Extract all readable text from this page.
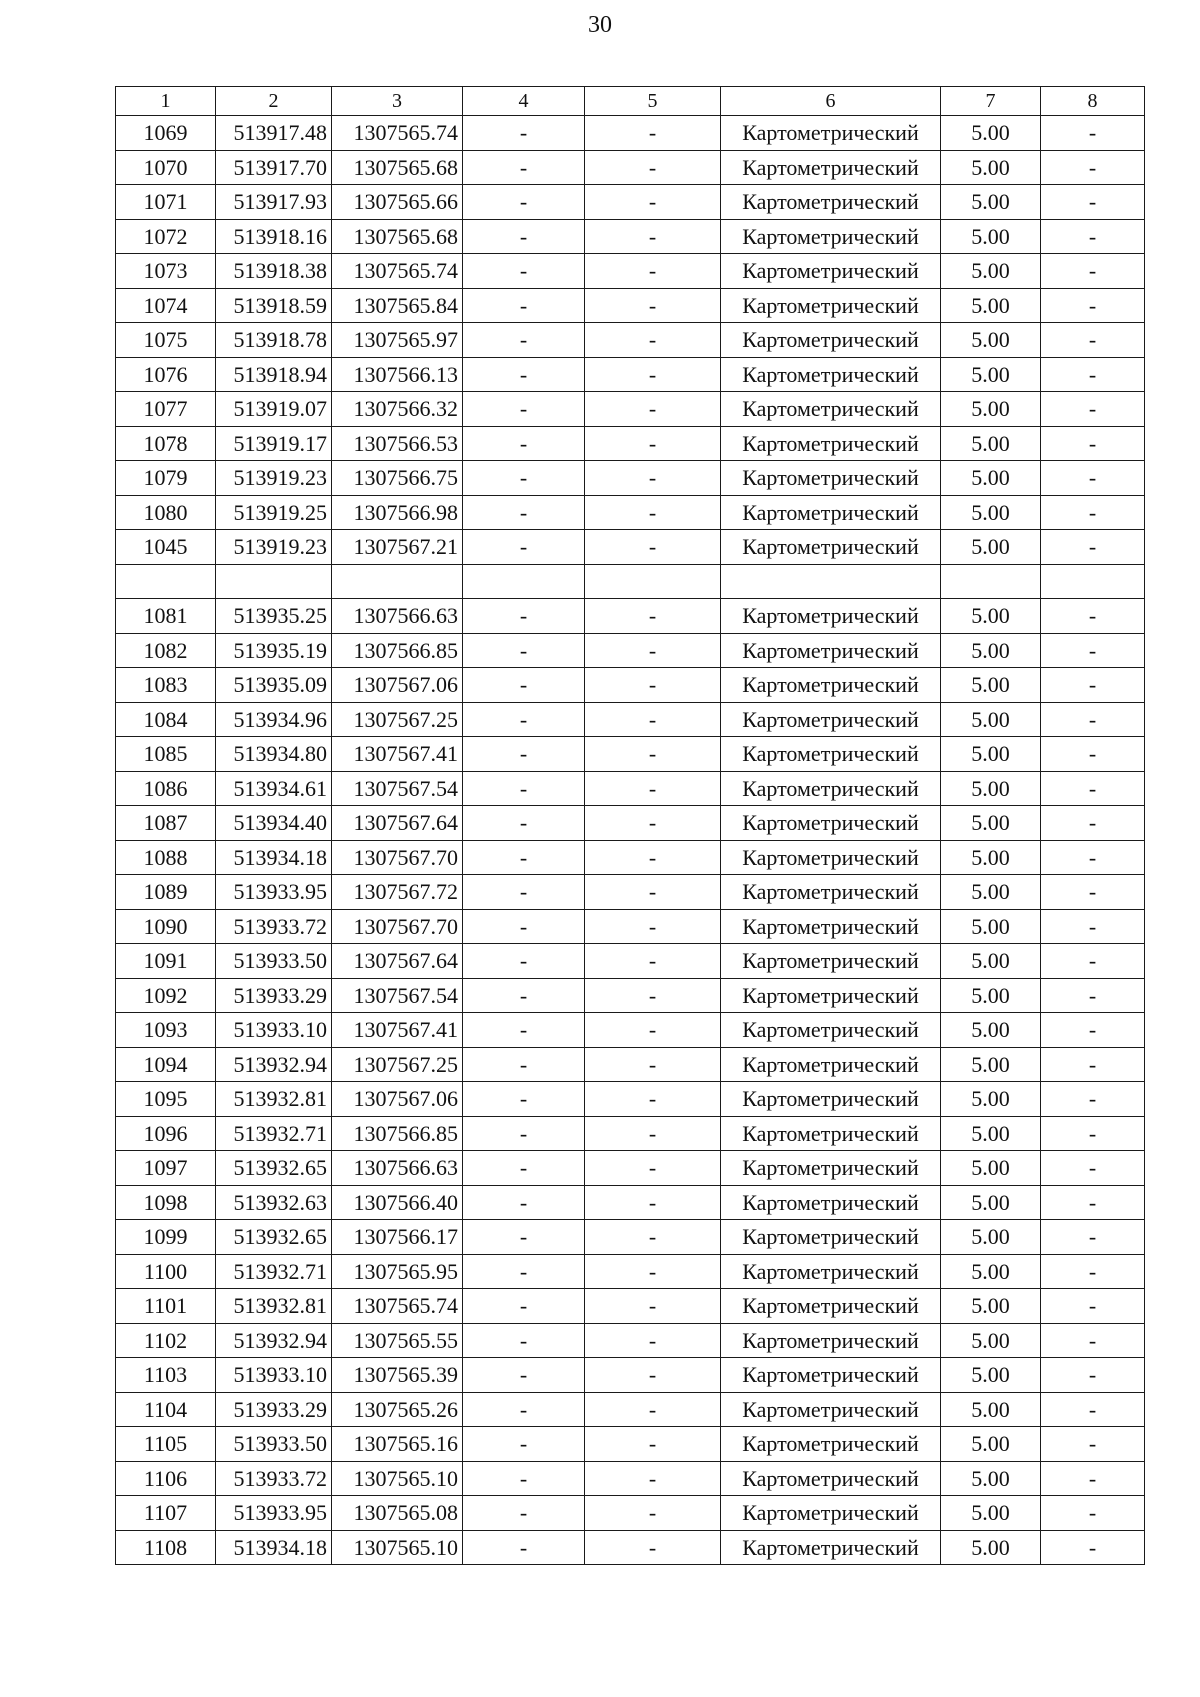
30
1	2	3	4	5	6	7	8
1069	513917.48	1307565.74	-	-	Картометрический	5.00	-
1070	513917.70	1307565.68	-	-	Картометрический	5.00	-
1071	513917.93	1307565.66	-	-	Картометрический	5.00	-
1072	513918.16	1307565.68	-	-	Картометрический	5.00	-
1073	513918.38	1307565.74	-	-	Картометрический	5.00	-
1074	513918.59	1307565.84	-	-	Картометрический	5.00	-
1075	513918.78	1307565.97	-	-	Картометрический	5.00	-
1076	513918.94	1307566.13	-	-	Картометрический	5.00	-
1077	513919.07	1307566.32	-	-	Картометрический	5.00	-
1078	513919.17	1307566.53	-	-	Картометрический	5.00	-
1079	513919.23	1307566.75	-	-	Картометрический	5.00	-
1080	513919.25	1307566.98	-	-	Картометрический	5.00	-
1045	513919.23	1307567.21	-	-	Картометрический	5.00	-

1081	513935.25	1307566.63	-	-	Картометрический	5.00	-
1082	513935.19	1307566.85	-	-	Картометрический	5.00	-
1083	513935.09	1307567.06	-	-	Картометрический	5.00	-
1084	513934.96	1307567.25	-	-	Картометрический	5.00	-
1085	513934.80	1307567.41	-	-	Картометрический	5.00	-
1086	513934.61	1307567.54	-	-	Картометрический	5.00	-
1087	513934.40	1307567.64	-	-	Картометрический	5.00	-
1088	513934.18	1307567.70	-	-	Картометрический	5.00	-
1089	513933.95	1307567.72	-	-	Картометрический	5.00	-
1090	513933.72	1307567.70	-	-	Картометрический	5.00	-
1091	513933.50	1307567.64	-	-	Картометрический	5.00	-
1092	513933.29	1307567.54	-	-	Картометрический	5.00	-
1093	513933.10	1307567.41	-	-	Картометрический	5.00	-
1094	513932.94	1307567.25	-	-	Картометрический	5.00	-
1095	513932.81	1307567.06	-	-	Картометрический	5.00	-
1096	513932.71	1307566.85	-	-	Картометрический	5.00	-
1097	513932.65	1307566.63	-	-	Картометрический	5.00	-
1098	513932.63	1307566.40	-	-	Картометрический	5.00	-
1099	513932.65	1307566.17	-	-	Картометрический	5.00	-
1100	513932.71	1307565.95	-	-	Картометрический	5.00	-
1101	513932.81	1307565.74	-	-	Картометрический	5.00	-
1102	513932.94	1307565.55	-	-	Картометрический	5.00	-
1103	513933.10	1307565.39	-	-	Картометрический	5.00	-
1104	513933.29	1307565.26	-	-	Картометрический	5.00	-
1105	513933.50	1307565.16	-	-	Картометрический	5.00	-
1106	513933.72	1307565.10	-	-	Картометрический	5.00	-
1107	513933.95	1307565.08	-	-	Картометрический	5.00	-
1108	513934.18	1307565.10	-	-	Картометрический	5.00	-
